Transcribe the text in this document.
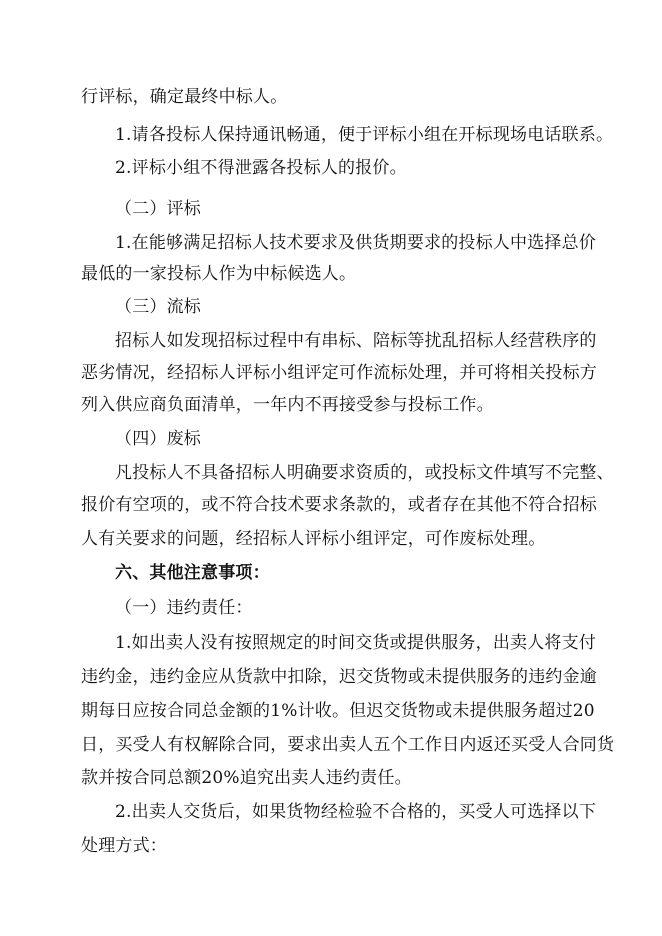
行评标，确定最终中标人。
1.请各投标人保持通讯畅通，便于评标小组在开标现场电话联系。
2.评标小组不得泄露各投标人的报价。
（二）评标
1.在能够满足招标人技术要求及供货期要求的投标人中选择总价
最低的一家投标人作为中标候选人。
（三）流标
招标人如发现招标过程中有串标、陪标等扰乱招标人经营秩序的
恶劣情况，经招标人评标小组评定可作流标处理，并可将相关投标方
列入供应商负面清单，一年内不再接受参与投标工作。
（四）废标
凡投标人不具备招标人明确要求资质的，或投标文件填写不完整、
报价有空项的，或不符合技术要求条款的，或者存在其他不符合招标
人有关要求的问题，经招标人评标小组评定，可作废标处理。
六、其他注意事项：
（一）违约责任：
1.如出卖人没有按照规定的时间交货或提供服务，出卖人将支付
违约金，违约金应从货款中扣除，迟交货物或未提供服务的违约金逾
期每日应按合同总金额的1%计收。但迟交货物或未提供服务超过20
日，买受人有权解除合同，要求出卖人五个工作日内返还买受人合同货
款并按合同总额20%追究出卖人违约责任。
2.出卖人交货后，如果货物经检验不合格的，买受人可选择以下
处理方式：
